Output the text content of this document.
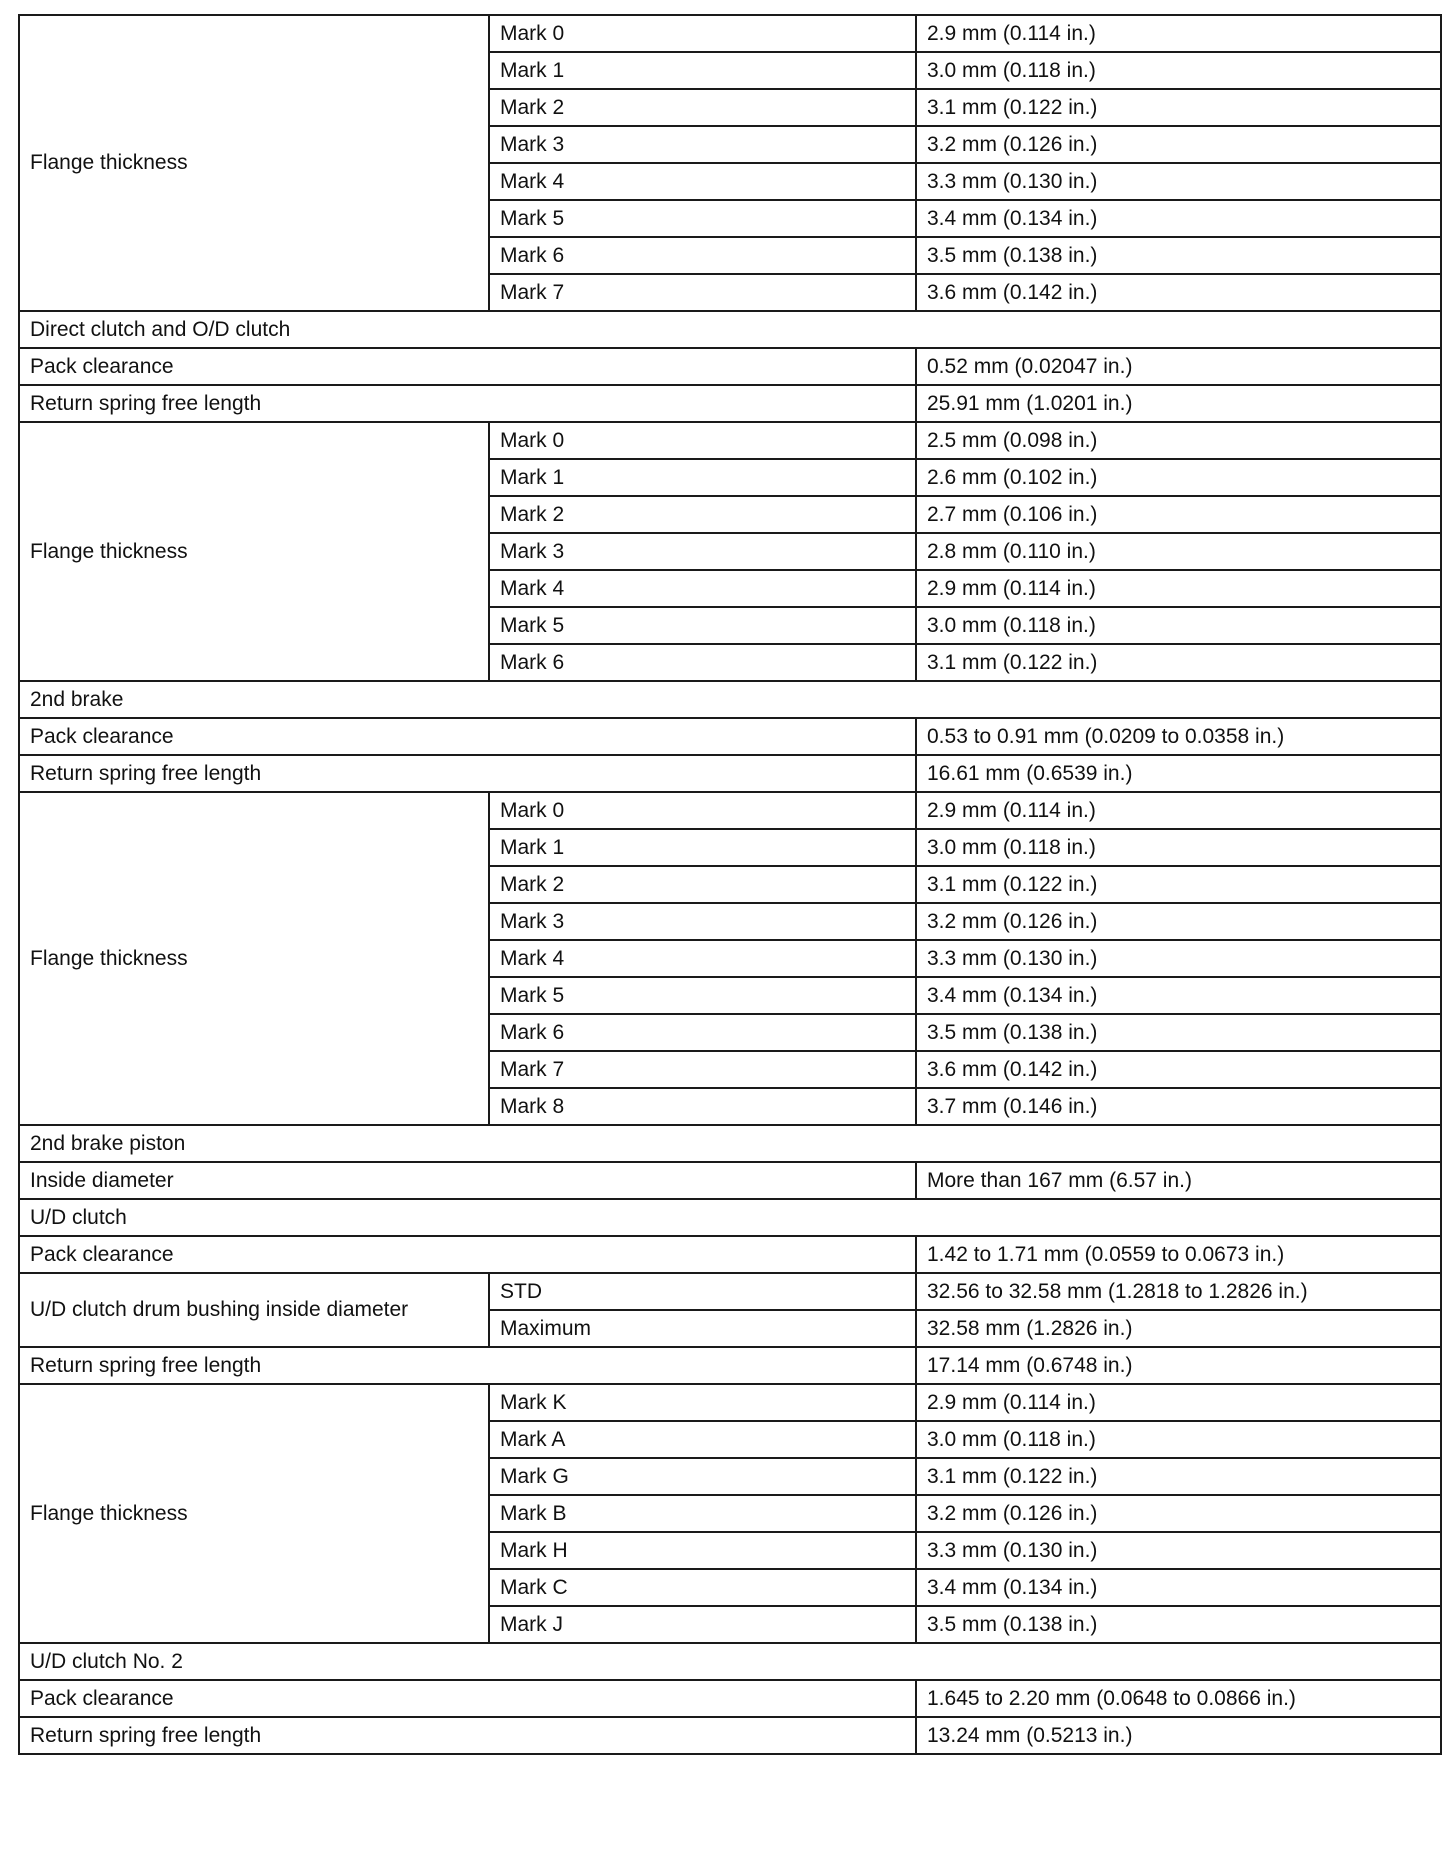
Flange thickness	Mark 0	2.9 mm (0.114 in.)
	Mark 1	3.0 mm (0.118 in.)
	Mark 2	3.1 mm (0.122 in.)
	Mark 3	3.2 mm (0.126 in.)
	Mark 4	3.3 mm (0.130 in.)
	Mark 5	3.4 mm (0.134 in.)
	Mark 6	3.5 mm (0.138 in.)
	Mark 7	3.6 mm (0.142 in.)
Direct clutch and O/D clutch		
Pack clearance		0.52 mm (0.02047 in.)
Return spring free length		25.91 mm (1.0201 in.)
Flange thickness	Mark 0	2.5 mm (0.098 in.)
	Mark 1	2.6 mm (0.102 in.)
	Mark 2	2.7 mm (0.106 in.)
	Mark 3	2.8 mm (0.110 in.)
	Mark 4	2.9 mm (0.114 in.)
	Mark 5	3.0 mm (0.118 in.)
	Mark 6	3.1 mm (0.122 in.)
2nd brake		
Pack clearance		0.53 to 0.91 mm (0.0209 to 0.0358 in.)
Return spring free length		16.61 mm (0.6539 in.)
Flange thickness	Mark 0	2.9 mm (0.114 in.)
	Mark 1	3.0 mm (0.118 in.)
	Mark 2	3.1 mm (0.122 in.)
	Mark 3	3.2 mm (0.126 in.)
	Mark 4	3.3 mm (0.130 in.)
	Mark 5	3.4 mm (0.134 in.)
	Mark 6	3.5 mm (0.138 in.)
	Mark 7	3.6 mm (0.142 in.)
	Mark 8	3.7 mm (0.146 in.)
2nd brake piston		
Inside diameter		More than 167 mm (6.57 in.)
U/D clutch		
Pack clearance		1.42 to 1.71 mm (0.0559 to 0.0673 in.)
U/D clutch drum bushing inside diameter	STD	32.56 to 32.58 mm (1.2818 to 1.2826 in.)
	Maximum	32.58 mm (1.2826 in.)
Return spring free length		17.14 mm (0.6748 in.)
Flange thickness	Mark K	2.9 mm (0.114 in.)
	Mark A	3.0 mm (0.118 in.)
	Mark G	3.1 mm (0.122 in.)
	Mark B	3.2 mm (0.126 in.)
	Mark H	3.3 mm (0.130 in.)
	Mark C	3.4 mm (0.134 in.)
	Mark J	3.5 mm (0.138 in.)
U/D clutch No. 2		
Pack clearance		1.645 to 2.20 mm (0.0648 to 0.0866 in.)
Return spring free length		13.24 mm (0.5213 in.)
